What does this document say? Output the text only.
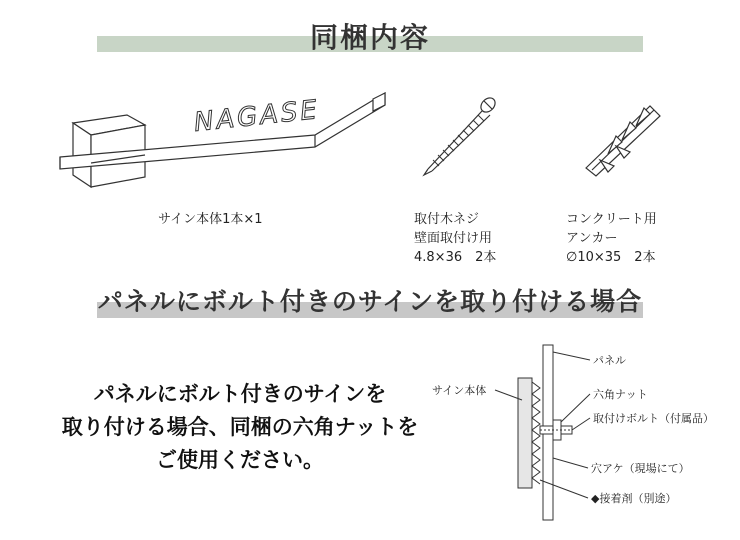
同梱内容
NAGASE
サイン本体1本×1	取付木ネジ
壁面取付け用
4.8×36　2本
コンクリート用
アンカー
∅10×35　2本
パネルにボルト付きのサインを取り付ける場合
パネルにボルト付きのサインを
取り付ける場合、同梱の六角ナットを
ご使用ください。
サイン本体
パネル
六角ナット
取付けボルト（付属品）
穴アケ（現場にて）
◆接着剤（別途）
